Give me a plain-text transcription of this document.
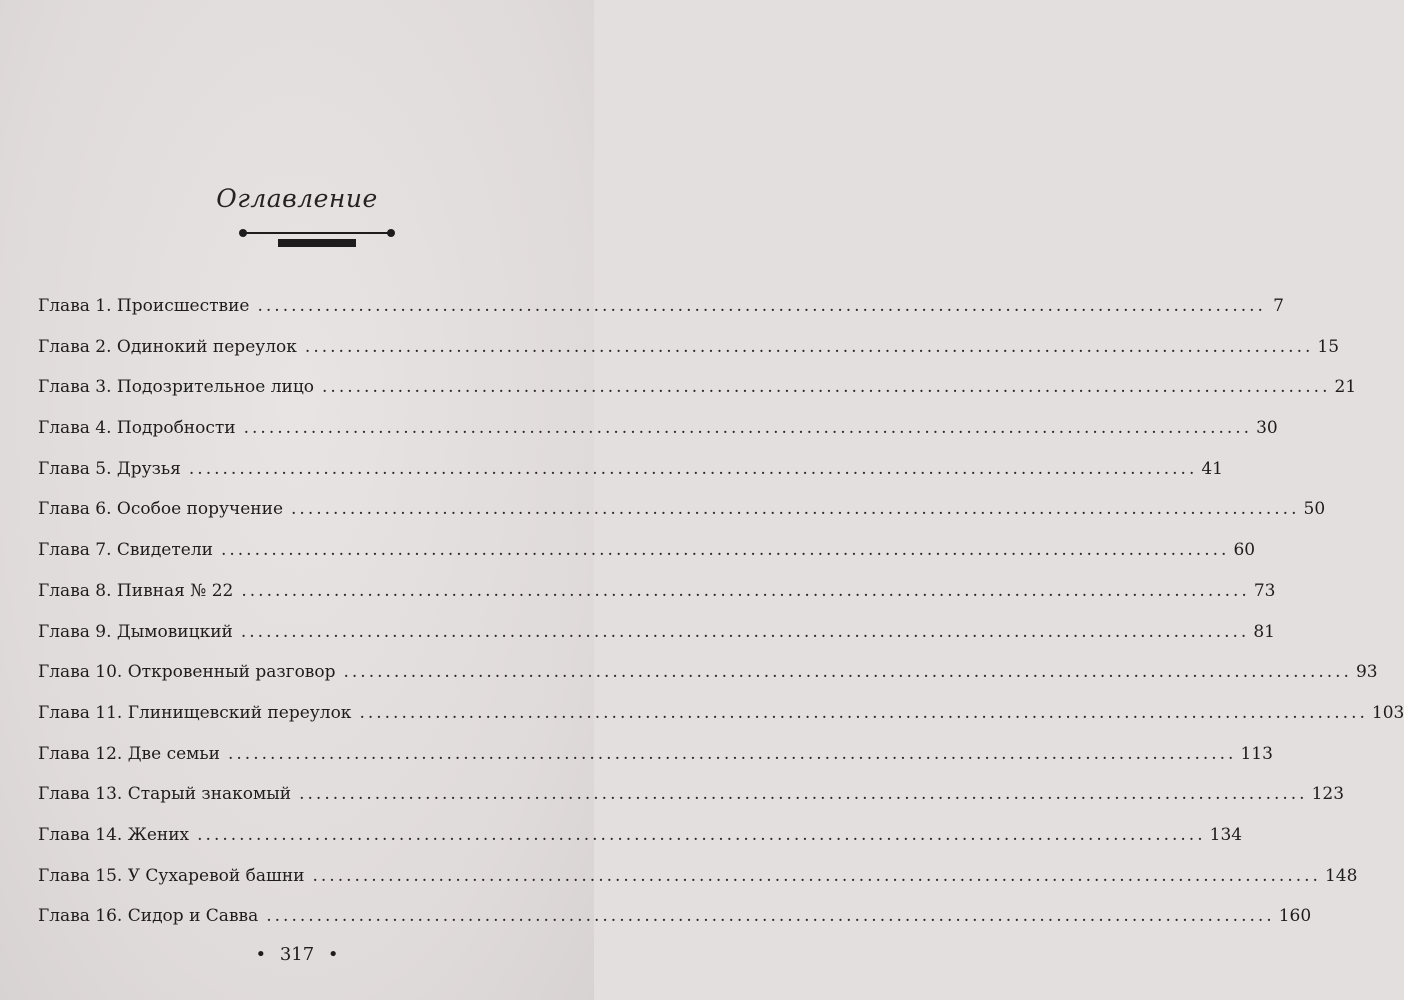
Оглавление
Глава 1. Происшествие ........................................................................................................................ 7
Глава 2. Одинокий переулок ........................................................................................................................ 15
Глава 3. Подозрительное лицо ........................................................................................................................ 21
Глава 4. Подробности ........................................................................................................................ 30
Глава 5. Друзья ........................................................................................................................ 41
Глава 6. Особое поручение ........................................................................................................................ 50
Глава 7. Свидетели ........................................................................................................................ 60
Глава 8. Пивная № 22 ........................................................................................................................ 73
Глава 9. Дымовицкий ........................................................................................................................ 81
Глава 10. Откровенный разговор ........................................................................................................................ 93
Глава 11. Глинищевский переулок ........................................................................................................................ 103
Глава 12. Две семьи ........................................................................................................................ 113
Глава 13. Старый знакомый ........................................................................................................................ 123
Глава 14. Жених ........................................................................................................................ 134
Глава 15. У Сухаревой башни ........................................................................................................................ 148
Глава 16. Сидор и Савва ........................................................................................................................ 160
• 317 •
